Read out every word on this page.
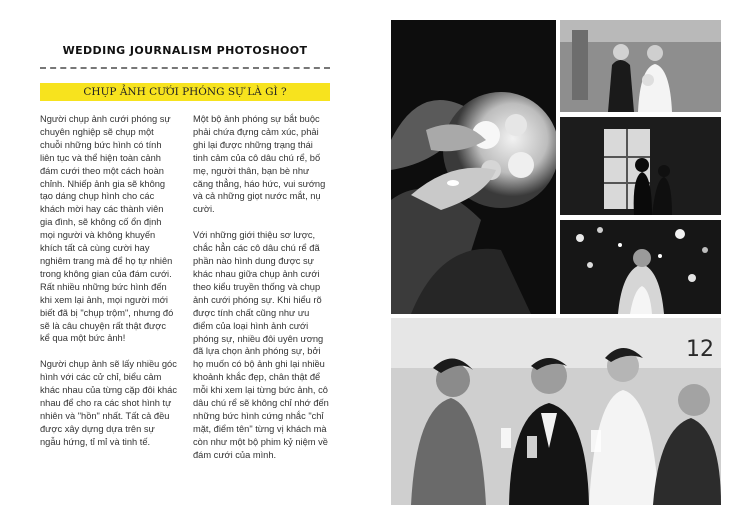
WEDDING JOURNALISM PHOTOSHOOT
CHỤP ẢNH CƯỚI PHÓNG SỰ LÀ GÌ ?

Người chụp ảnh cưới phóng sự chuyên nghiệp sẽ chụp một chuỗi những bức hình có tính liên tục và thể hiện toàn cảnh đám cưới theo một cách hoàn chỉnh. Nhiếp ảnh gia sẽ không tạo dáng chụp hình cho các khách mời hay các thành viên gia đình, sẽ không cố ổn định mọi người và không khuyến khích tất cả cùng cười hay nghiêm trang mà để họ tự nhiên trong không gian của đám cưới. Rất nhiều những bức hình đến khi xem lại ảnh, mọi người mới biết đã bị "chụp trộm", nhưng đó sẽ là câu chuyện rất thật được kể qua một bức ảnh!

Người chụp ảnh sẽ lấy nhiều góc hình với các cử chỉ, biểu cảm khác nhau của từng cặp đôi khác nhau để cho ra các shot hình tự nhiên và "hồn" nhất. Tất cả đều được xây dựng dựa trên sự ngẫu hứng, tỉ mỉ và tinh tế.

Một bộ ảnh phóng sự bắt buộc phải chứa đựng cảm xúc, phải ghi lại được những trạng thái tinh cảm của cô dâu chú rể, bố mẹ, người thân, bạn bè như căng thẳng, háo hức, vui sướng và cả những giọt nước mắt, nụ cười.

Với những giới thiệu sơ lược, chắc hẳn các cô dâu chú rể đã phần nào hình dung được sự khác nhau giữa chụp ảnh cưới theo kiểu truyền thống và chụp ảnh cưới phóng sự. Khi hiểu rõ được tính chất cũng như ưu điểm của loại hình ảnh cưới phóng sự, nhiều đôi uyên ương đã lựa chọn ảnh phóng sự, bởi họ muốn có bộ ảnh ghi lại nhiều khoảnh khắc đẹp, chân thật để mỗi khi xem lại từng bức ảnh, cô dâu chú rể sẽ không chỉ nhớ đến những bức hình cứng nhắc "chỉ mặt, điểm tên" từng vị khách mà còn như một bộ phim kỷ niệm về đám cưới của mình.

12
